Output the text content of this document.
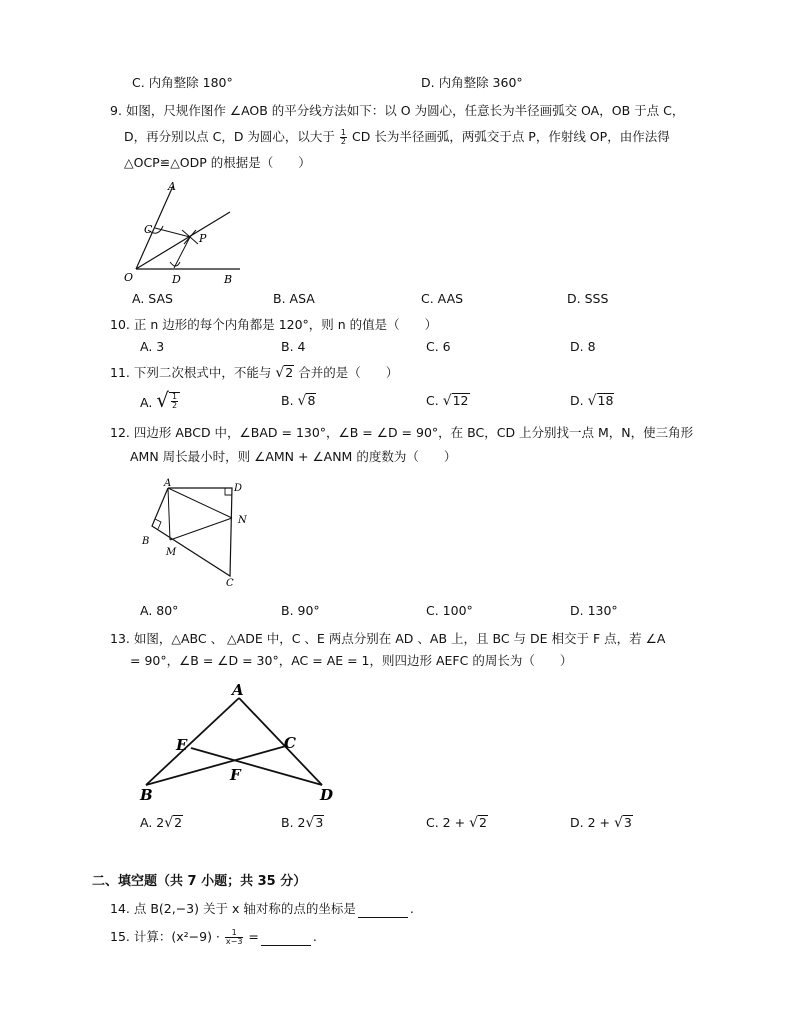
C. 内角整除 180°	D. 内角整除 360°
9. 如图，尺规作图作 ∠AOB 的平分线方法如下：以 O 为圆心，任意长为半径画弧交 OA，OB 于点 C，
D，再分别以点 C，D 为圆心，以大于 $\frac{1}{2}$ CD 长为半径画弧，两弧交于点 P，作射线 OP，由作法得
△OCP≌△ODP 的根据是（　　）
A
C
P
O	D	B
A. SAS	B. ASA	C. AAS	D. SSS
10. 正 n 边形的每个内角都是 120°，则 n 的值是（　　）
A. 3	B. 4	C. 6	D. 8
11. 下列二次根式中，不能与 √ 2 合并的是（　　）
A. √ $\frac{1}{2}$	B. √ 8	C. √ 12	D. √ 18
12. 四边形 ABCD 中，∠BAD = 130°，∠B = ∠D = 90°，在 BC，CD 上分别找一点 M，N，使三角形
AMN 周长最小时，则 ∠AMN + ∠ANM 的度数为（　　）
A	D
N
B
M
C
A. 80°	B. 90°	C. 100°	D. 130°
13. 如图，△ABC 、 △ADE 中，C 、E 两点分别在 AD 、AB 上，且 BC 与 DE 相交于 F 点，若 ∠A
= 90°，∠B = ∠D = 30°，AC = AE = 1，则四边形 AEFC 的周长为（　　）
A
E	C
F
B	D
A. 2 √ 2	B. 2 √ 3	C. 2 + √ 2	D. 2 + √ 3
二、填空题（共 7 小题；共 35 分）
14. 点 B(2,−3) 关于 x 轴对称的点的坐标是	.
15. 计算：$(x^2-9) \cdot \frac{1}{x-3}$ =	.
